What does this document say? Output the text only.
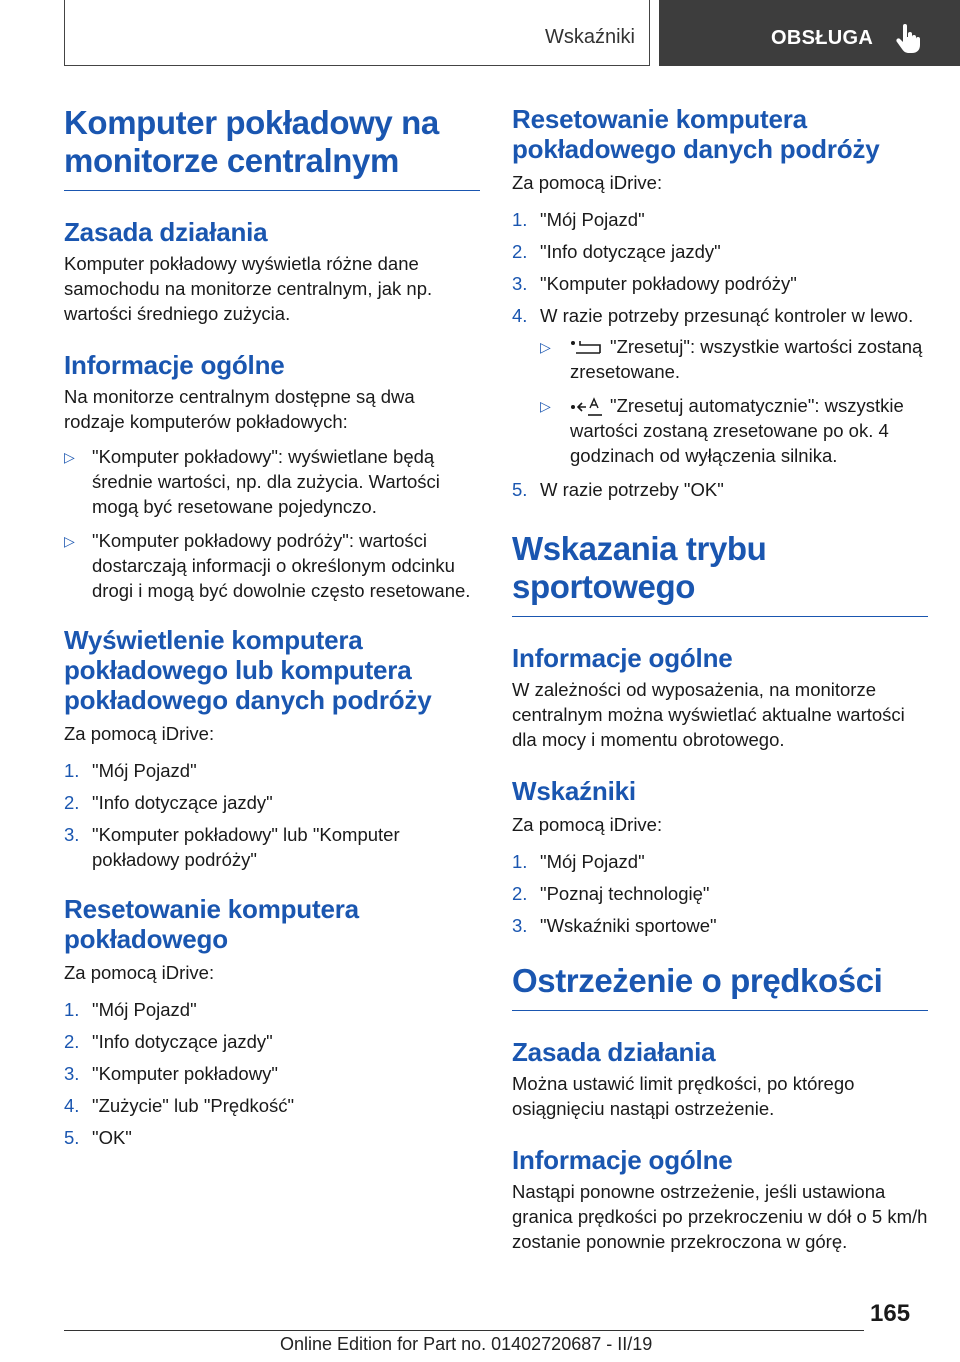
Wskaźniki	OBSŁUGA
Komputer pokładowy na monitorze centralnym
Zasada działania
Komputer pokładowy wyświetla różne dane samochodu na monitorze centralnym, jak np. wartości średniego zużycia.
Informacje ogólne
Na monitorze centralnym dostępne są dwa rodzaje komputerów pokładowych:
▷ "Komputer pokładowy": wyświetlane będą średnie wartości, np. dla zużycia. Wartości mogą być resetowane pojedynczo.
▷ "Komputer pokładowy podróży": wartości dostarczają informacji o określonym odcinku drogi i mogą być dowolnie często resetowane.
Wyświetlenie komputera pokładowego lub komputera pokładowego danych podróży
Za pomocą iDrive:
1. "Mój Pojazd"
2. "Info dotyczące jazdy"
3. "Komputer pokładowy" lub "Komputer pokładowy podróży"
Resetowanie komputera pokładowego
Za pomocą iDrive:
1. "Mój Pojazd"
2. "Info dotyczące jazdy"
3. "Komputer pokładowy"
4. "Zużycie" lub "Prędkość"
5. "OK"
Resetowanie komputera pokładowego danych podróży
Za pomocą iDrive:
1. "Mój Pojazd"
2. "Info dotyczące jazdy"
3. "Komputer pokładowy podróży"
4. W razie potrzeby przesunąć kontroler w lewo.
▷	"Zresetuj": wszystkie wartości zostaną zresetowane.
▷	"Zresetuj automatycznie": wszystkie wartości zostaną zresetowane po ok. 4 godzinach od wyłączenia silnika.
5. W razie potrzeby "OK"
Wskazania trybu sportowego
Informacje ogólne
W zależności od wyposażenia, na monitorze centralnym można wyświetlać aktualne wartości dla mocy i momentu obrotowego.
Wskaźniki
Za pomocą iDrive:
1. "Mój Pojazd"
2. "Poznaj technologię"
3. "Wskaźniki sportowe"
Ostrzeżenie o prędkości
Zasada działania
Można ustawić limit prędkości, po którego osiągnięciu nastąpi ostrzeżenie.
Informacje ogólne
Nastąpi ponowne ostrzeżenie, jeśli ustawiona granica prędkości po przekroczeniu w dół o 5 km/h zostanie ponownie przekroczona w górę.
165
Online Edition for Part no. 01402720687 - II/19
